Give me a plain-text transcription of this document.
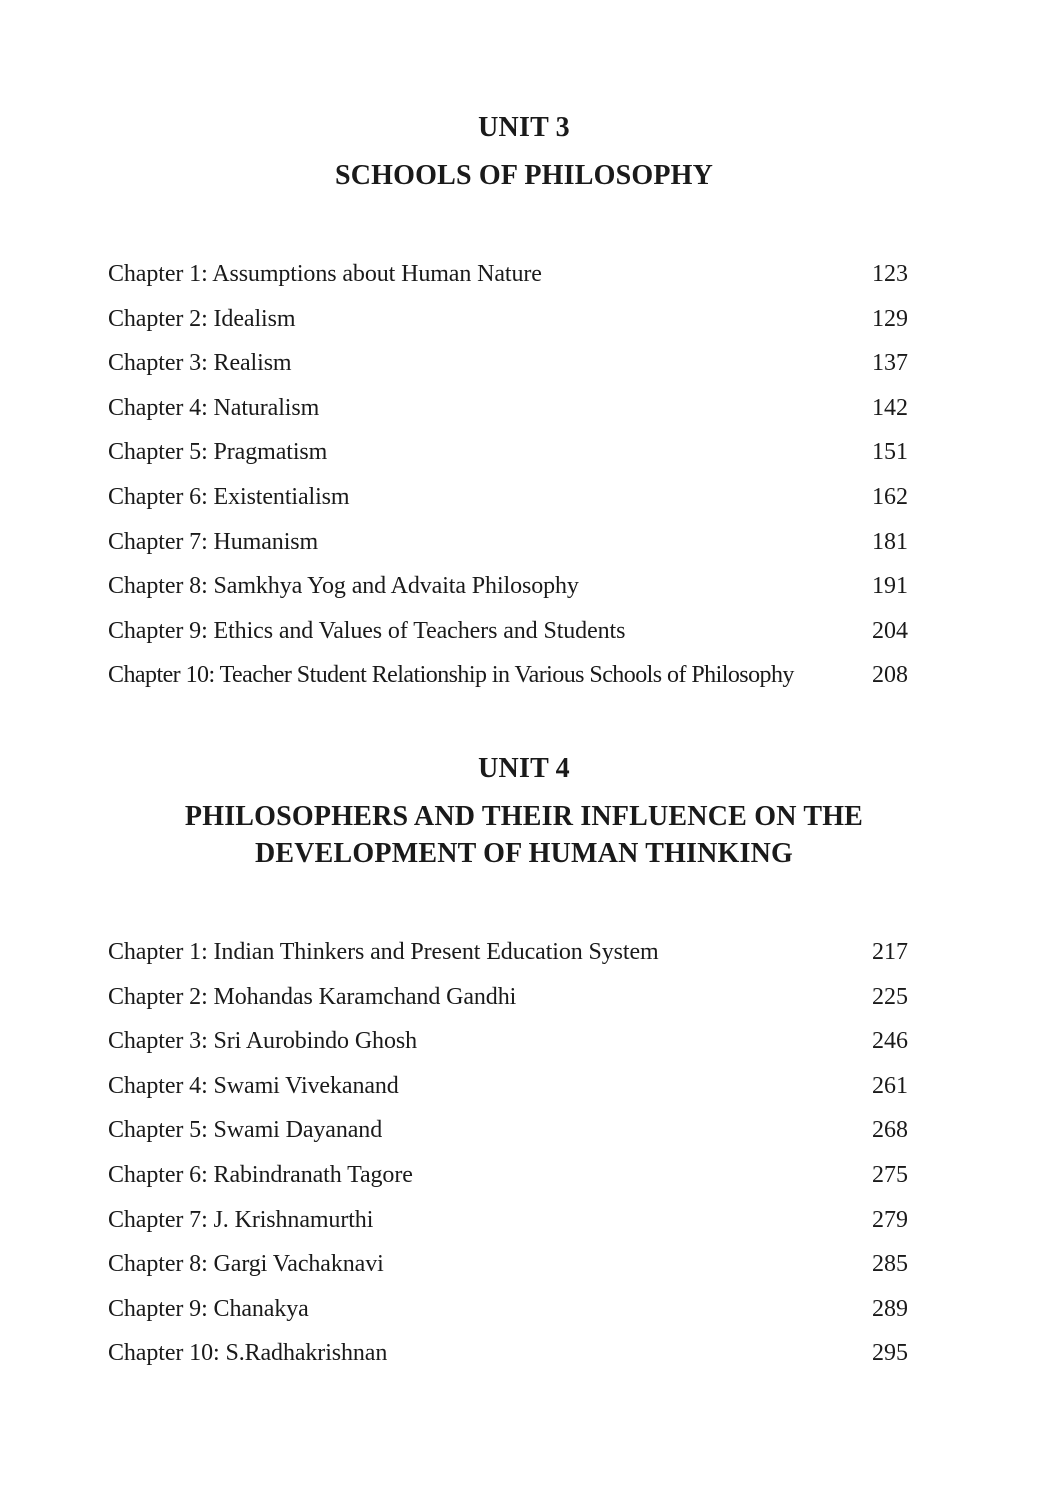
UNIT 3
SCHOOLS OF PHILOSOPHY
Chapter 1: Assumptions about Human Nature	123
Chapter 2: Idealism	129
Chapter 3: Realism	137
Chapter 4: Naturalism	142
Chapter 5: Pragmatism	151
Chapter 6: Existentialism	162
Chapter 7: Humanism	181
Chapter 8: Samkhya Yog and Advaita Philosophy	191
Chapter 9: Ethics and Values of Teachers and Students	204
Chapter 10: Teacher Student Relationship in Various Schools of Philosophy	208
UNIT 4
PHILOSOPHERS AND THEIR INFLUENCE ON THE
DEVELOPMENT OF HUMAN THINKING
Chapter 1: Indian Thinkers and Present Education System	217
Chapter 2: Mohandas Karamchand Gandhi	225
Chapter 3: Sri Aurobindo Ghosh	246
Chapter 4: Swami Vivekanand	261
Chapter 5: Swami Dayanand	268
Chapter 6: Rabindranath Tagore	275
Chapter 7: J. Krishnamurthi	279
Chapter 8: Gargi Vachaknavi	285
Chapter 9: Chanakya	289
Chapter 10: S.Radhakrishnan	295
